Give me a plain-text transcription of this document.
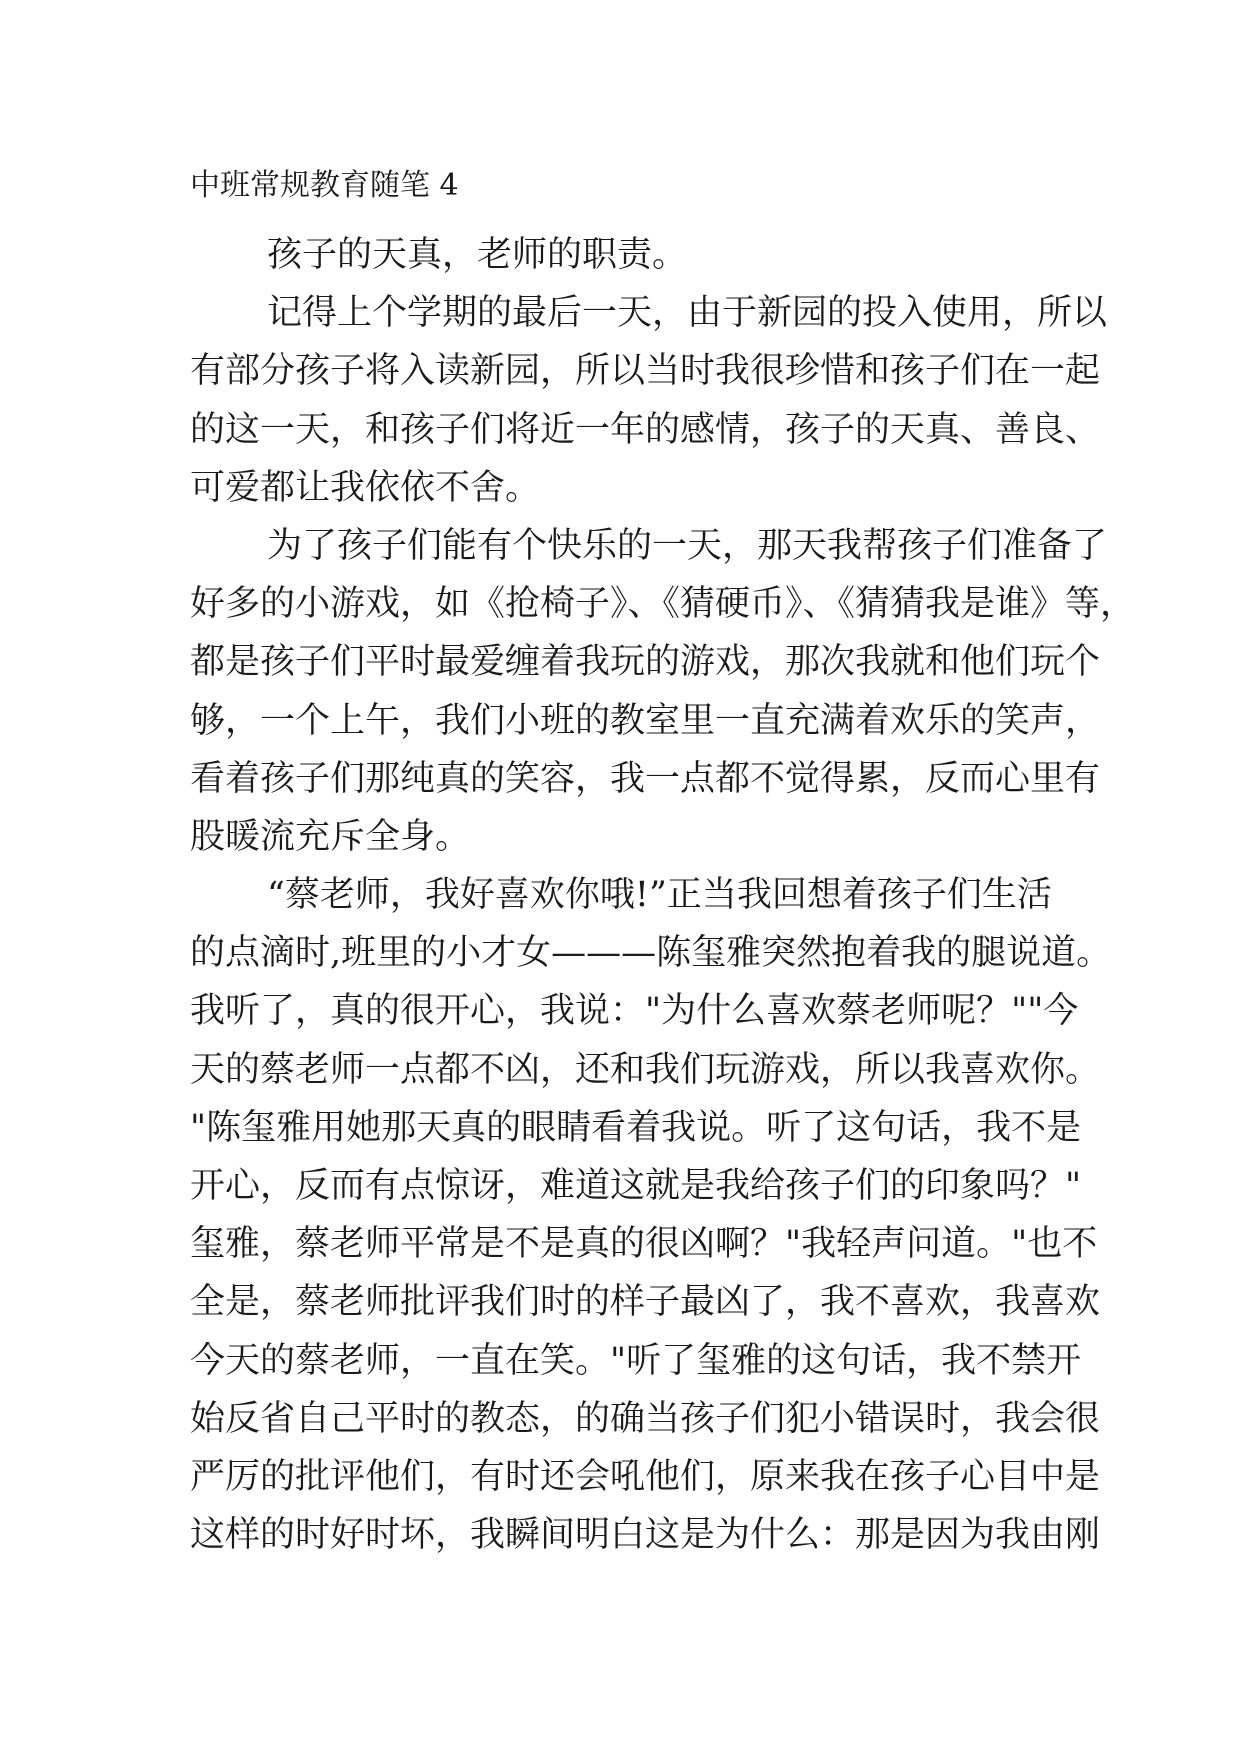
中班常规教育随笔 4
孩子的天真，老师的职责。
记得上个学期的最后一天，由于新园的投入使用，所以
有部分孩子将入读新园，所以当时我很珍惜和孩子们在一起
的这一天，和孩子们将近一年的感情，孩子的天真、善良、
可爱都让我依依不舍。
为了孩子们能有个快乐的一天，那天我帮孩子们准备了
好多的小游戏，如《抢椅子》、《猜硬币》、《猜猜我是谁》等，
都是孩子们平时最爱缠着我玩的游戏，那次我就和他们玩个
够，一个上午，我们小班的教室里一直充满着欢乐的笑声，
看着孩子们那纯真的笑容，我一点都不觉得累，反而心里有
股暖流充斥全身。
“蔡老师，我好喜欢你哦!”正当我回想着孩子们生活
的点滴时,班里的小才女———陈玺雅突然抱着我的腿说道。
我听了，真的很开心，我说："为什么喜欢蔡老师呢？""今
天的蔡老师一点都不凶，还和我们玩游戏，所以我喜欢你。
"陈玺雅用她那天真的眼睛看着我说。听了这句话，我不是
开心，反而有点惊讶，难道这就是我给孩子们的印象吗？"
玺雅，蔡老师平常是不是真的很凶啊？"我轻声问道。"也不
全是，蔡老师批评我们时的样子最凶了，我不喜欢，我喜欢
今天的蔡老师，一直在笑。"听了玺雅的这句话，我不禁开
始反省自己平时的教态，的确当孩子们犯小错误时，我会很
严厉的批评他们，有时还会吼他们，原来我在孩子心目中是
这样的时好时坏，我瞬间明白这是为什么：那是因为我由刚
